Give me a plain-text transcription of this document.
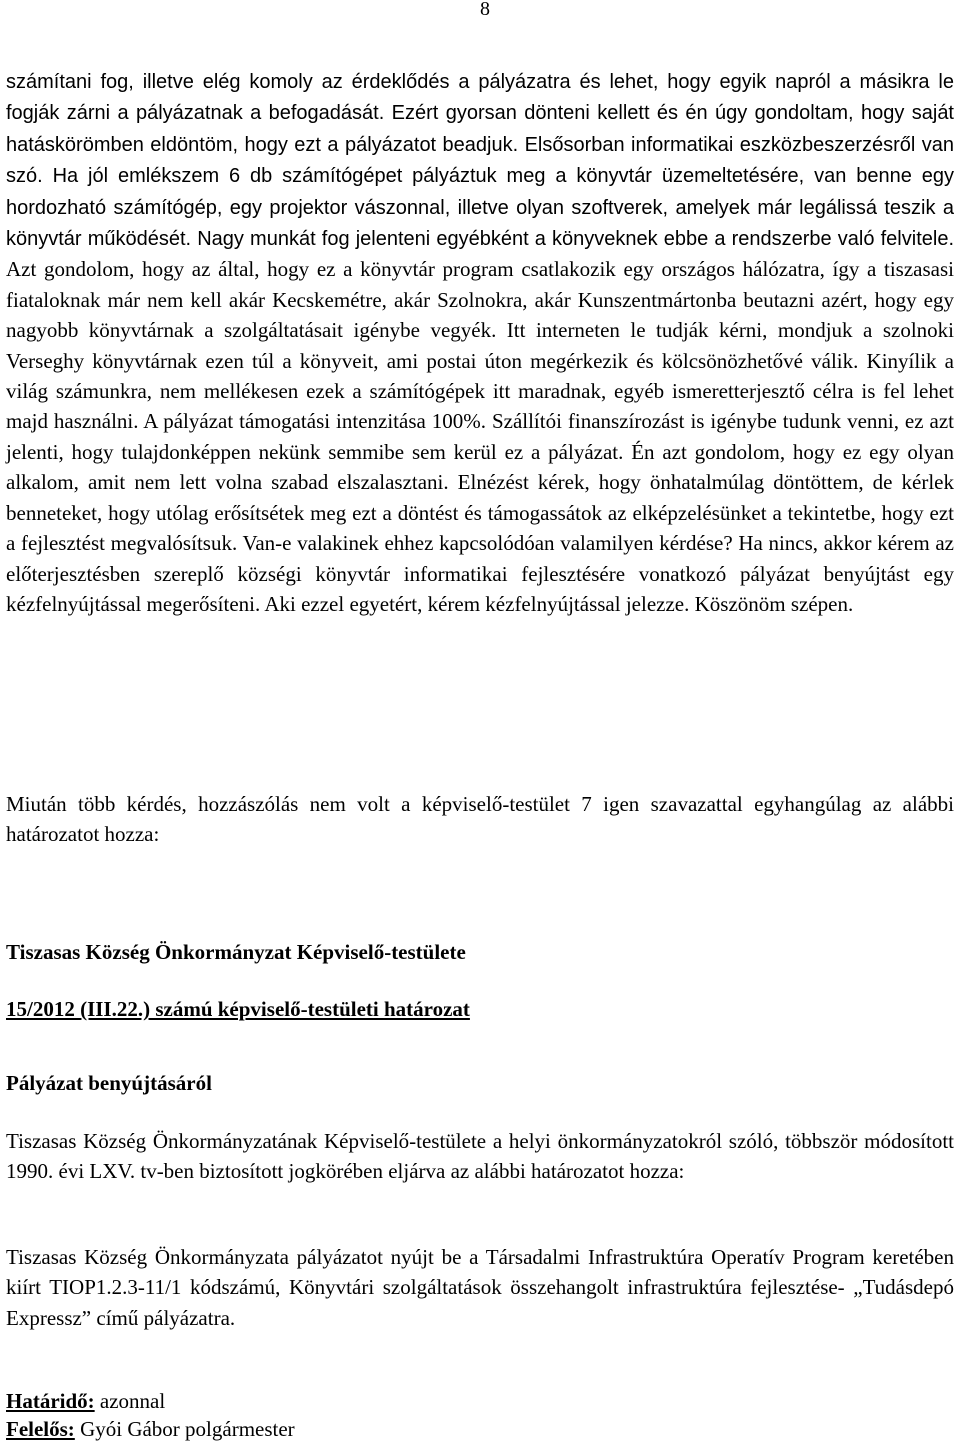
8
számítani fog, illetve elég komoly az érdeklődés a pályázatra és lehet, hogy egyik napról a másikra le fogják zárni a pályázatnak a befogadását. Ezért gyorsan dönteni kellett és én úgy gondoltam, hogy saját hatáskörömben eldöntöm, hogy ezt a pályázatot beadjuk. Elsősorban informatikai eszközbeszerzésről van szó. Ha jól emlékszem 6 db számítógépet pályáztuk meg a könyvtár üzemeltetésére, van benne egy hordozható számítógép, egy projektor vászonnal, illetve olyan szoftverek, amelyek már legálissá teszik a könyvtár működését. Nagy munkát fog jelenteni egyébként a könyveknek ebbe a rendszerbe való felvitele. Azt gondolom, hogy az által, hogy ez a könyvtár program csatlakozik egy országos hálózatra, így a tiszasasi fiataloknak már nem kell akár Kecskemétre, akár Szolnokra, akár Kunszentmártonba beutazni azért, hogy egy nagyobb könyvtárnak a szolgáltatásait igénybe vegyék. Itt interneten le tudják kérni, mondjuk a szolnoki Verseghy könyvtárnak ezen túl a könyveit, ami postai úton megérkezik és kölcsönözhetővé válik. Kinyílik a világ számunkra, nem mellékesen ezek a számítógépek itt maradnak, egyéb ismeretterjesztő célra is fel lehet majd használni. A pályázat támogatási intenzitása 100%. Szállítói finanszírozást is igénybe tudunk venni, ez azt jelenti, hogy tulajdonképpen nekünk semmibe sem kerül ez a pályázat. Én azt gondolom, hogy ez egy olyan alkalom, amit nem lett volna szabad elszalasztani. Elnézést kérek, hogy önhatalmúlag döntöttem, de kérlek benneteket, hogy utólag erősítsétek meg ezt a döntést és támogassátok az elképzelésünket a tekintetbe, hogy ezt a fejlesztést megvalósítsuk. Van-e valakinek ehhez kapcsolódóan valamilyen kérdése? Ha nincs, akkor kérem az előterjesztésben szereplő községi könyvtár informatikai fejlesztésére vonatkozó pályázat benyújtást egy kézfelnyújtással megerősíteni. Aki ezzel egyetért, kérem kézfelnyújtással jelezze. Köszönöm szépen.
Miután több kérdés, hozzászólás nem volt a képviselő-testület 7 igen szavazattal egyhangúlag az alábbi határozatot hozza:
Tiszasas Község Önkormányzat Képviselő-testülete
15/2012 (III.22.) számú képviselő-testületi határozat
Pályázat benyújtásáról
Tiszasas Község Önkormányzatának Képviselő-testülete a helyi önkormányzatokról szóló, többször módosított 1990. évi LXV. tv-ben biztosított jogkörében eljárva az alábbi határozatot hozza:
Tiszasas Község Önkormányzata pályázatot nyújt be a Társadalmi Infrastruktúra Operatív Program keretében kiírt TIOP1.2.3-11/1 kódszámú, Könyvtári szolgáltatások összehangolt infrastruktúra fejlesztése- „Tudásdepó Expressz” című pályázatra.
Határidő: azonnal
Felelős: Gyói Gábor polgármester
